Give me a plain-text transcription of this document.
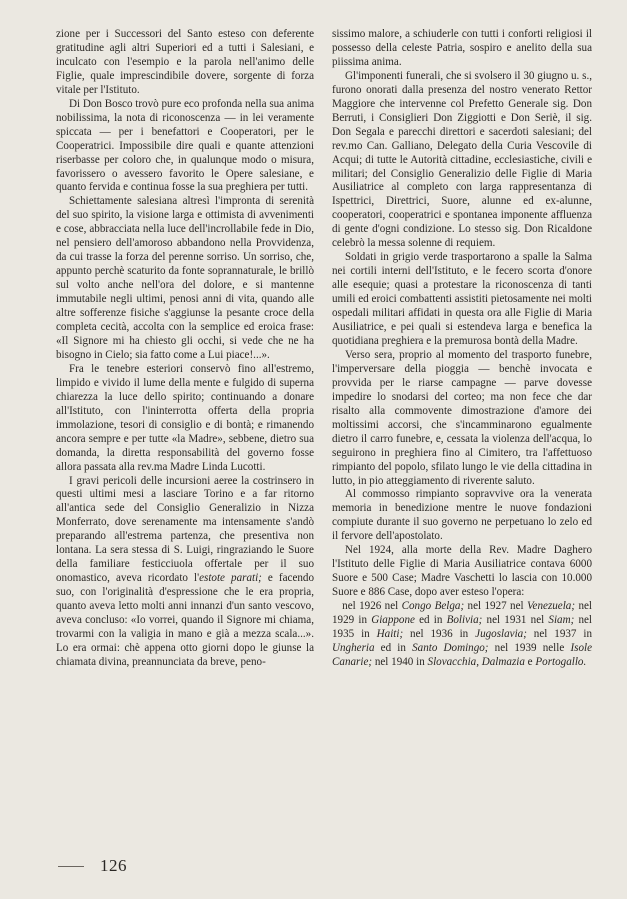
zione per i Successori del Santo esteso con deferente gratitudine agli altri Superiori ed a tutti i Salesiani, e inculcato con l'esempio e la parola nell'animo delle Figlie, quale imprescindibile dovere, sorgente di forza vitale per l'Istituto.

Di Don Bosco trovò pure eco profonda nella sua anima nobilissima, la nota di riconoscenza — in lei veramente spiccata — per i benefattori e Cooperatori, per le Cooperatrici. Impossibile dire quali e quante attenzioni riserbasse per coloro che, in qualunque modo o misura, favorissero o avessero favorito le Opere salesiane, e quanto fervida e continua fosse la sua preghiera per tutti.

Schiettamente salesiana altresì l'impronta di serenità del suo spirito, la visione larga e ottimista di avvenimenti e cose, abbracciata nella luce dell'incrollabile fede in Dio, nel pensiero dell'amoroso abbandono nella Provvidenza, da cui trasse la forza del perenne sorriso. Un sorriso, che, appunto perchè scaturito da fonte soprannaturale, le brillò sul volto anche nell'ora del dolore, e si mantenne immutabile negli ultimi, penosi anni di vita, quando alle altre sofferenze fisiche s'aggiunse la pesante croce della completa cecità, accolta con la semplice ed eroica frase: «Il Signore mi ha chiesto gli occhi, si vede che ne ha bisogno in Cielo; sia fatto come a Lui piace!...».

Fra le tenebre esteriori conservò fino all'estremo, limpido e vivido il lume della mente e fulgido di superna chiarezza la luce dello spirito; continuando a donare all'Istituto, con l'ininterrotta offerta della propria immolazione, tesori di consiglio e di bontà; e rimanendo ancora sempre e per tutte «la Madre», sebbene, dietro sua domanda, la diretta responsabilità del governo fosse allora passata alla rev.ma Madre Linda Lucotti.

I gravi pericoli delle incursioni aeree la costrinsero in questi ultimi mesi a lasciare Torino e a far ritorno all'antica sede del Consiglio Generalizio in Nizza Monferrato, dove serenamente ma intensamente s'andò preparando all'estrema partenza, che presentiva non lontana. La sera stessa di S. Luigi, ringraziando le Suore della familiare festicciuola offertale per il suo onomastico, aveva ricordato l'estote parati; e facendo suo, con l'originalità d'espressione che le era propria, quanto aveva letto molti anni innanzi d'un santo vescovo, aveva concluso: «Io vorrei, quando il Signore mi chiama, trovarmi con la valigia in mano e già a mezza scala...». Lo era ormai: chè appena otto giorni dopo le giunse la chiamata divina, preannunciata da breve, peno-

sissimo malore, a schiuderle con tutti i conforti religiosi il possesso della celeste Patria, sospiro e anelito della sua piissima anima.

Gl'imponenti funerali, che si svolsero il 30 giugno u. s., furono onorati dalla presenza del nostro venerato Rettor Maggiore che intervenne col Prefetto Generale sig. Don Berruti, i Consiglieri Don Ziggiotti e Don Seriè, il sig. Don Segala e parecchi direttori e sacerdoti salesiani; del rev.mo Can. Galliano, Delegato della Curia Vescovile di Acqui; di tutte le Autorità cittadine, ecclesiastiche, civili e militari; del Consiglio Generalizio delle Figlie di Maria Ausiliatrice al completo con larga rappresentanza di Ispettrici, Direttrici, Suore, alunne ed ex-alunne, cooperatori, cooperatrici e spontanea imponente affluenza di gente d'ogni condizione. Lo stesso sig. Don Ricaldone celebrò la messa solenne di requiem.

Soldati in grigio verde trasportarono a spalle la Salma nei cortili interni dell'Istituto, e le fecero scorta d'onore alle esequie; quasi a protestare la riconoscenza di tanti umili ed eroici combattenti assistiti pietosamente nei molti ospedali militari affidati in questa ora alle Figlie di Maria Ausiliatrice, e pei quali si estendeva larga e benefica la quotidiana preghiera e la premurosa bontà della Madre.

Verso sera, proprio al momento del trasporto funebre, l'imperversare della pioggia — benchè invocata e provvida per le riarse campagne — parve dovesse impedire lo snodarsi del corteo; ma non fece che dar risalto alla commovente dimostrazione d'amore dei moltissimi accorsi, che s'incamminarono egualmente dietro il carro funebre, e, cessata la violenza dell'acqua, lo seguirono in preghiera fino al Cimitero, tra l'affettuoso rimpianto del popolo, sfilato lungo le vie della cittadina in lutto, in pio atteggiamento di riverente saluto.

Al commosso rimpianto sopravvive ora la venerata memoria in benedizione mentre le nuove fondazioni compiute durante il suo governo ne perpetuano lo zelo ed il fervore dell'apostolato.

Nel 1924, alla morte della Rev. Madre Daghero l'Istituto delle Figlie di Maria Ausiliatrice contava 6000 Suore e 500 Case; Madre Vaschetti lo lascia con 10.000 Suore e 886 Case, dopo aver esteso l'opera:
nel 1926 nel Congo Belga; nel 1927 nel Venezuela; nel 1929 in Giappone ed in Bolivia; nel 1931 nel Siam; nel 1935 in Haiti; nel 1936 in Jugoslavia; nel 1937 in Ungheria ed in Santo Domingo; nel 1939 nelle Isole Canarie; nel 1940 in Slovacchia, Dalmazia e Portogallo.

126
